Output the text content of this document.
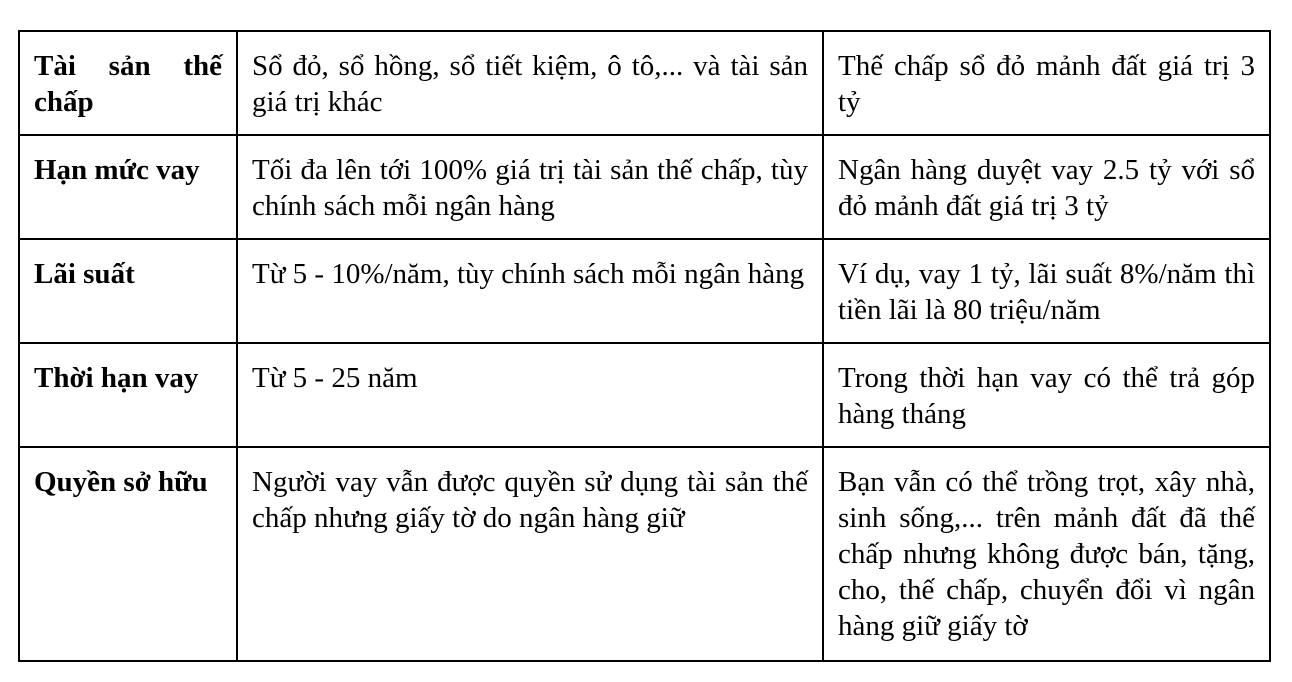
Tài sản thế chấp	Sổ đỏ, sổ hồng, sổ tiết kiệm, ô tô,... và tài sản giá trị khác	Thế chấp sổ đỏ mảnh đất giá trị 3 tỷ
Hạn mức vay	Tối đa lên tới 100% giá trị tài sản thế chấp, tùy chính sách mỗi ngân hàng	Ngân hàng duyệt vay 2.5 tỷ với sổ đỏ mảnh đất giá trị 3 tỷ
Lãi suất	Từ 5 - 10%/năm, tùy chính sách mỗi ngân hàng	Ví dụ, vay 1 tỷ, lãi suất 8%/năm thì tiền lãi là 80 triệu/năm
Thời hạn vay	Từ 5 - 25 năm	Trong thời hạn vay có thể trả góp hàng tháng
Quyền sở hữu	Người vay vẫn được quyền sử dụng tài sản thế chấp nhưng giấy tờ do ngân hàng giữ	Bạn vẫn có thể trồng trọt, xây nhà, sinh sống,... trên mảnh đất đã thế chấp nhưng không được bán, tặng, cho, thế chấp, chuyển đổi vì ngân hàng giữ giấy tờ
